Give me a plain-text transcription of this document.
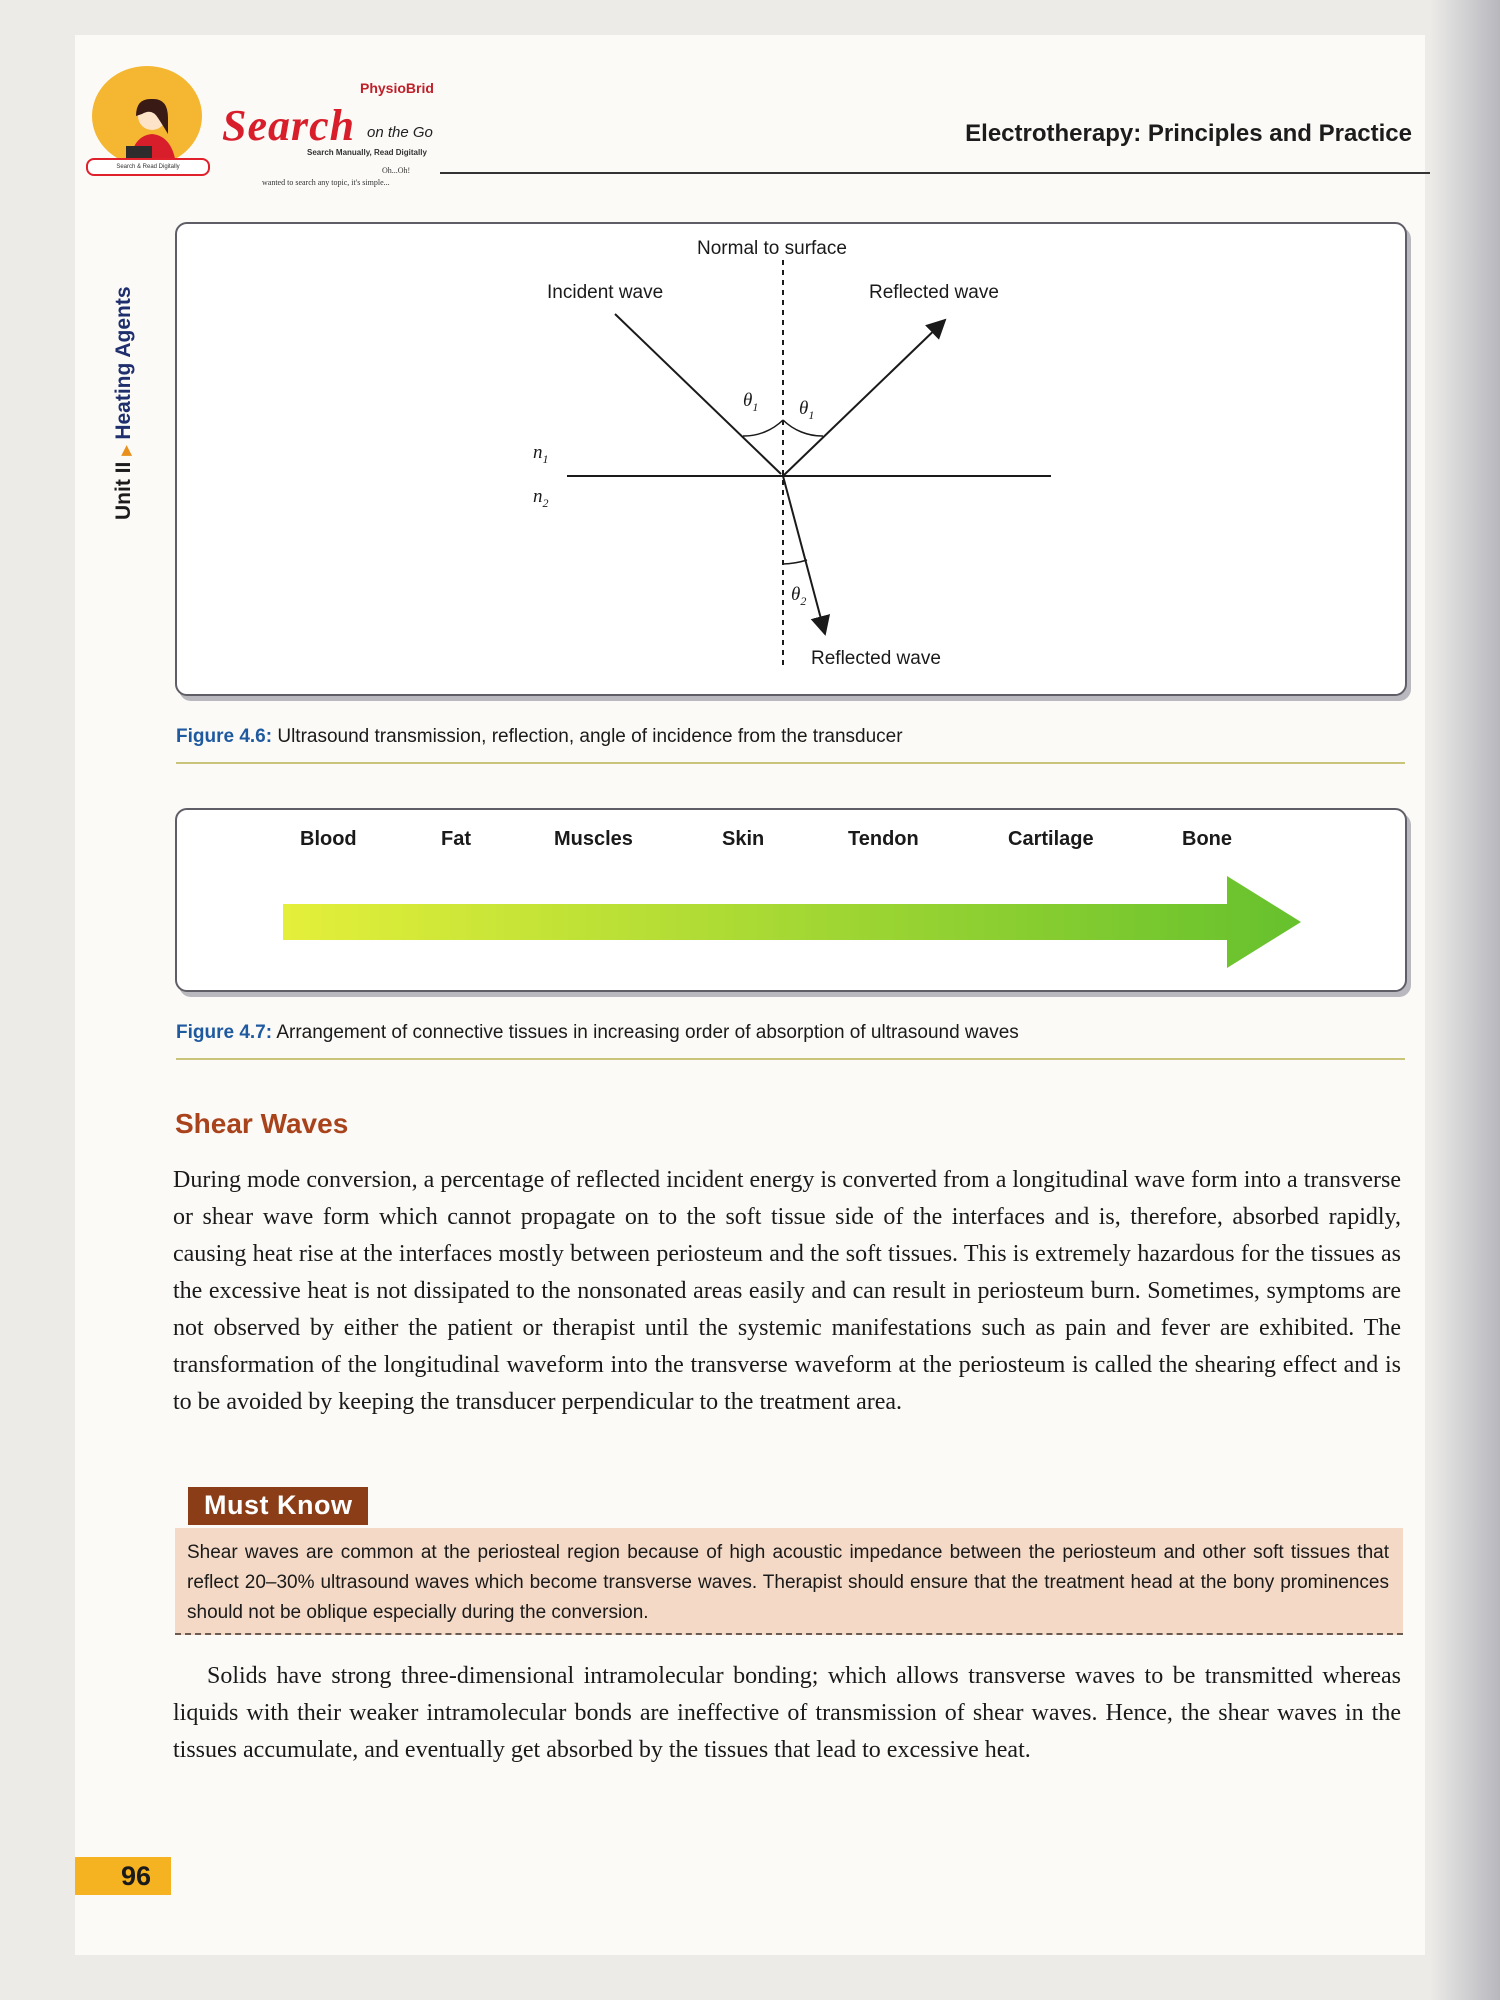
Search & Read Digitally
PhysioBrid
Search on the Go
Search Manually, Read Digitally
Oh...Oh!
wanted to search any topic, it's simple...
Electrotherapy: Principles and Practice
Unit II▶Heating Agents
Normal to surface
Incident wave	Reflected wave
Reflected wave
$\theta_1$ $\theta_1$
$\theta_2$
$n_1$
$n_2$
Figure 4.6: Ultrasound transmission, reflection, angle of incidence from the transducer
Blood	Fat	Muscles	Skin	Tendon	Cartilage	Bone
Figure 4.7: Arrangement of connective tissues in increasing order of absorption of ultrasound waves
Shear Waves

During mode conversion, a percentage of reflected incident energy is converted from a longitudinal wave form into a transverse or shear wave form which cannot propagate on to the soft tissue side of the interfaces and is, therefore, absorbed rapidly, causing heat rise at the interfaces mostly between periosteum and the soft tissues. This is extremely hazardous for the tissues as the excessive heat is not dissipated to the nonsonated areas easily and can result in periosteum burn. Sometimes, symptoms are not observed by either the patient or therapist until the systemic manifestations such as pain and fever are exhibited. The transformation of the longitudinal waveform into the transverse waveform at the periosteum is called the shearing effect and is to be avoided by keeping the transducer perpendicular to the treatment area.

Must Know

Shear waves are common at the periosteal region because of high acoustic impedance between the periosteum and other soft tissues that reflect 20–30% ultrasound waves which become transverse waves. Therapist should ensure that the treatment head at the bony prominences should not be oblique especially during the conversion.

Solids have strong three-dimensional intramolecular bonding; which allows transverse waves to be transmitted whereas liquids with their weaker intramolecular bonds are ineffective of transmission of shear waves. Hence, the shear waves in the tissues accumulate, and eventually get absorbed by the tissues that lead to excessive heat.

96
